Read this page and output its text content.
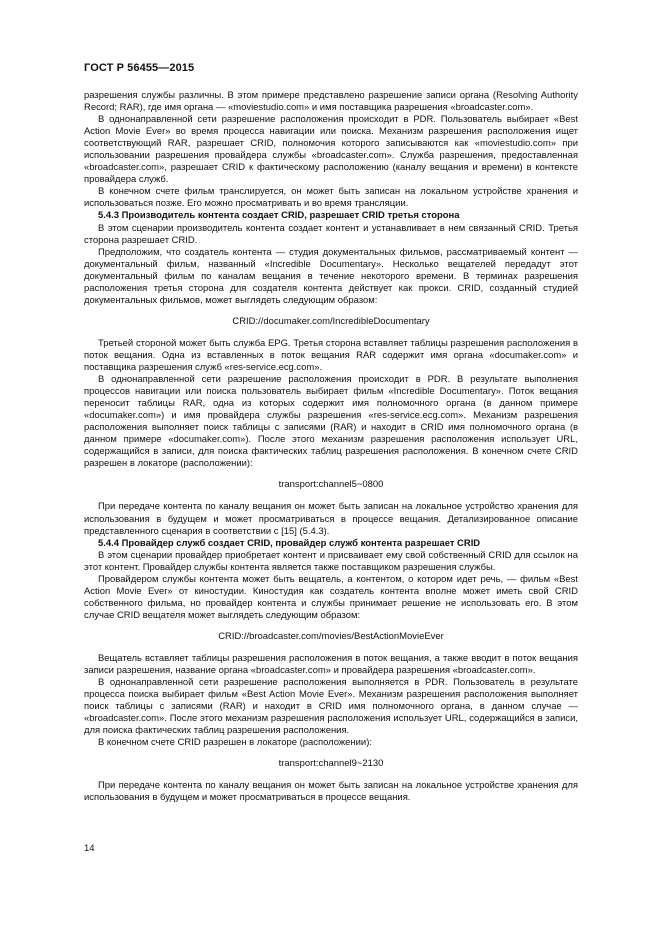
ГОСТ Р 56455—2015

разрешения службы различны. В этом примере представлено разрешение записи органа (Resolving Authority Record; RAR), где имя органа — «moviestudio.com» и имя поставщика разрешения «broadcaster.com».

В однонаправленной сети разрешение расположения происходит в PDR. Пользователь выбирает «Best Action Movie Ever» во время процесса навигации или поиска. Механизм разрешения расположения ищет соответствующий RAR, разрешает CRID, полномочия которого записываются как «moviestudio.com» при использовании разрешения провайдера службы «broadcaster.com». Служба разрешения, предоставленная «broadcaster.com», разрешает CRID к фактическому расположению (каналу вещания и времени) в контексте провайдера служб.

В конечном счете фильм транслируется, он может быть записан на локальном устройстве хранения и использоваться позже. Его можно просматривать и во время трансляции.

5.4.3 Производитель контента создает CRID, разрешает CRID третья сторона

В этом сценарии производитель контента создает контент и устанавливает в нем связанный CRID. Третья сторона разрешает CRID.

Предположим, что создатель контента — студия документальных фильмов, рассматриваемый контент — документальный фильм, названный «Incredible Documentary». Несколько вещателей передадут этот документальный фильм по каналам вещания в течение некоторого времени. В терминах разрешения расположения третья сторона для создателя контента действует как прокси. CRID, созданный студией документальных фильмов, может выглядеть следующим образом:

CRID://documaker.com/IncredibleDocumentary

Третьей стороной может быть служба EPG. Третья сторона вставляет таблицы разрешения расположения в поток вещания. Одна из вставленных в поток вещания RAR содержит имя органа «documaker.com» и поставщика разрешения служб «res-service.ecg.com».

В однонаправленной сети разрешение расположения происходит в PDR. В результате выполнения процессов навигации или поиска пользователь выбирает фильм «Incredible Documentary». Поток вещания переносит таблицы RAR, одна из которых содержит имя полномочного органа (в данном примере «documaker.com») и имя провайдера службы разрешения «res-service.ecg.com». Механизм разрешения расположения выполняет поиск таблицы с записями (RAR) и находит в CRID имя полномочного органа (в данном примере «documaker.com»). После этого механизм разрешения расположения использует URL, содержащийся в записи, для поиска фактических таблиц разрешения расположения. В конечном счете CRID разрешен в локаторе (расположении):

transport:channel5~0800

При передаче контента по каналу вещания он может быть записан на локальное устройство хранения для использования в будущем и может просматриваться в процессе вещания. Детализированное описание представленного сценария в соответствии с [15] (5.4.3).

5.4.4 Провайдер служб создает CRID, провайдер служб контента разрешает CRID

В этом сценарии провайдер приобретает контент и присваивает ему свой собственный CRID для ссылок на этот контент. Провайдер службы контента является также поставщиком разрешения службы.

Провайдером службы контента может быть вещатель, а контентом, о котором идет речь, — фильм «Best Action Movie Ever» от киностудии. Киностудия как создатель контента вполне может иметь свой CRID собственного фильма, но провайдер контента и службы принимает решение не использовать его. В этом случае CRID вещателя может выглядеть следующим образом:

CRID://broadcaster.com/movies/BestActionMovieEver

Вещатель вставляет таблицы разрешения расположения в поток вещания, а также вводит в поток вещания записи разрешения, название органа «broadcaster.com» и провайдера разрешения «broadcaster.com».

В однонаправленной сети разрешение расположения выполняется в PDR. Пользователь в результате процесса поиска выбирает фильм «Best Action Movie Ever». Механизм разрешения расположения выполняет поиск таблицы с записями (RAR) и находит в CRID имя полномочного органа, в данном случае — «broadcaster.com». После этого механизм разрешения расположения использует URL, содержащийся в записи, для поиска фактических таблиц разрешения расположения.

В конечном счете CRID разрешен в локаторе (расположении):

transport:channel9~2130

При передаче контента по каналу вещания он может быть записан на локальное устройстве хранения для использования в будущем и может просматриваться в процессе вещания.

14
